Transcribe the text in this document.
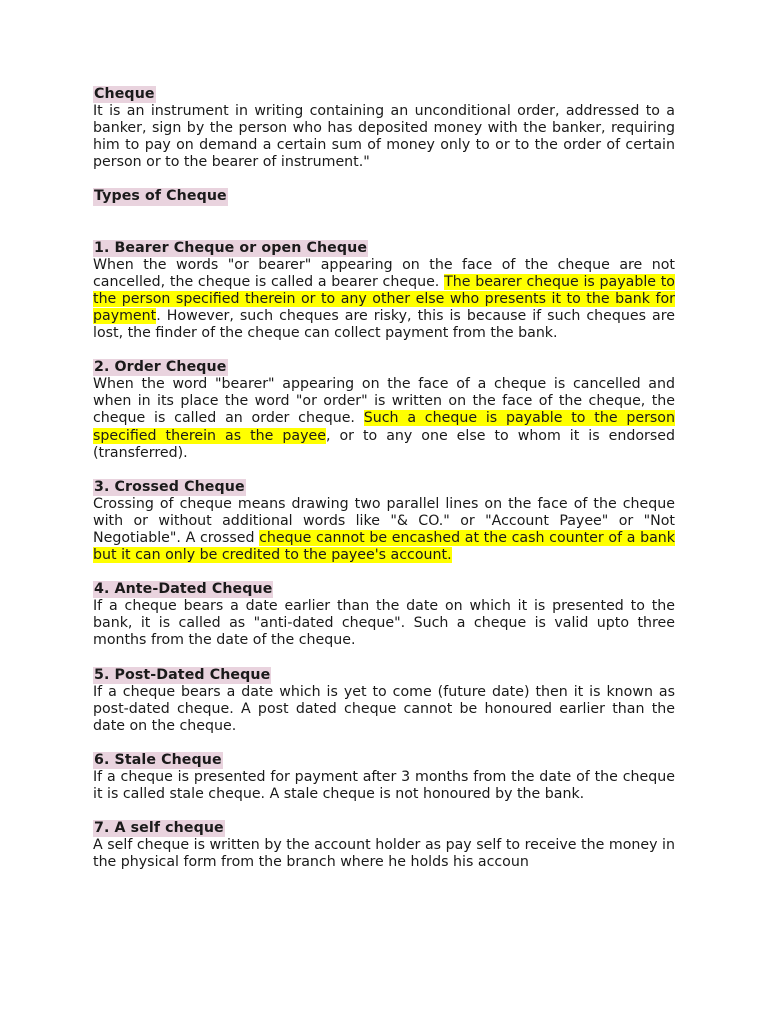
Cheque

It is an instrument in writing containing an unconditional order, addressed to a banker, sign by the person who has deposited money with the banker, requiring him to pay on demand a certain sum of money only to or to the order of certain person or to the bearer of instrument."

Types of Cheque
1. Bearer Cheque or open Cheque

When the words "or bearer" appearing on the face of the cheque are not cancelled, the cheque is called a bearer cheque. The bearer cheque is payable to the person specified therein or to any other else who presents it to the bank for payment. However, such cheques are risky, this is because if such cheques are lost, the finder of the cheque can collect payment from the bank.

2. Order Cheque

When the word "bearer" appearing on the face of a cheque is cancelled and when in its place the word "or order" is written on the face of the cheque, the cheque is called an order cheque. Such a cheque is payable to the person specified therein as the payee, or to any one else to whom it is endorsed (transferred).

3. Crossed Cheque

Crossing of cheque means drawing two parallel lines on the face of the cheque with or without additional words like "& CO." or "Account Payee" or "Not Negotiable". A crossed cheque cannot be encashed at the cash counter of a bank but it can only be credited to the payee's account.

4. Ante-Dated Cheque

If a cheque bears a date earlier than the date on which it is presented to the bank, it is called as "anti-dated cheque". Such a cheque is valid upto three months from the date of the cheque.

5. Post-Dated Cheque

If a cheque bears a date which is yet to come (future date) then it is known as post-dated cheque. A post dated cheque cannot be honoured earlier than the date on the cheque.

6. Stale Cheque

If a cheque is presented for payment after 3 months from the date of the cheque it is called stale cheque. A stale cheque is not honoured by the bank.

7. A self cheque

A self cheque is written by the account holder as pay self to receive the money in the physical form from the branch where he holds his accoun
